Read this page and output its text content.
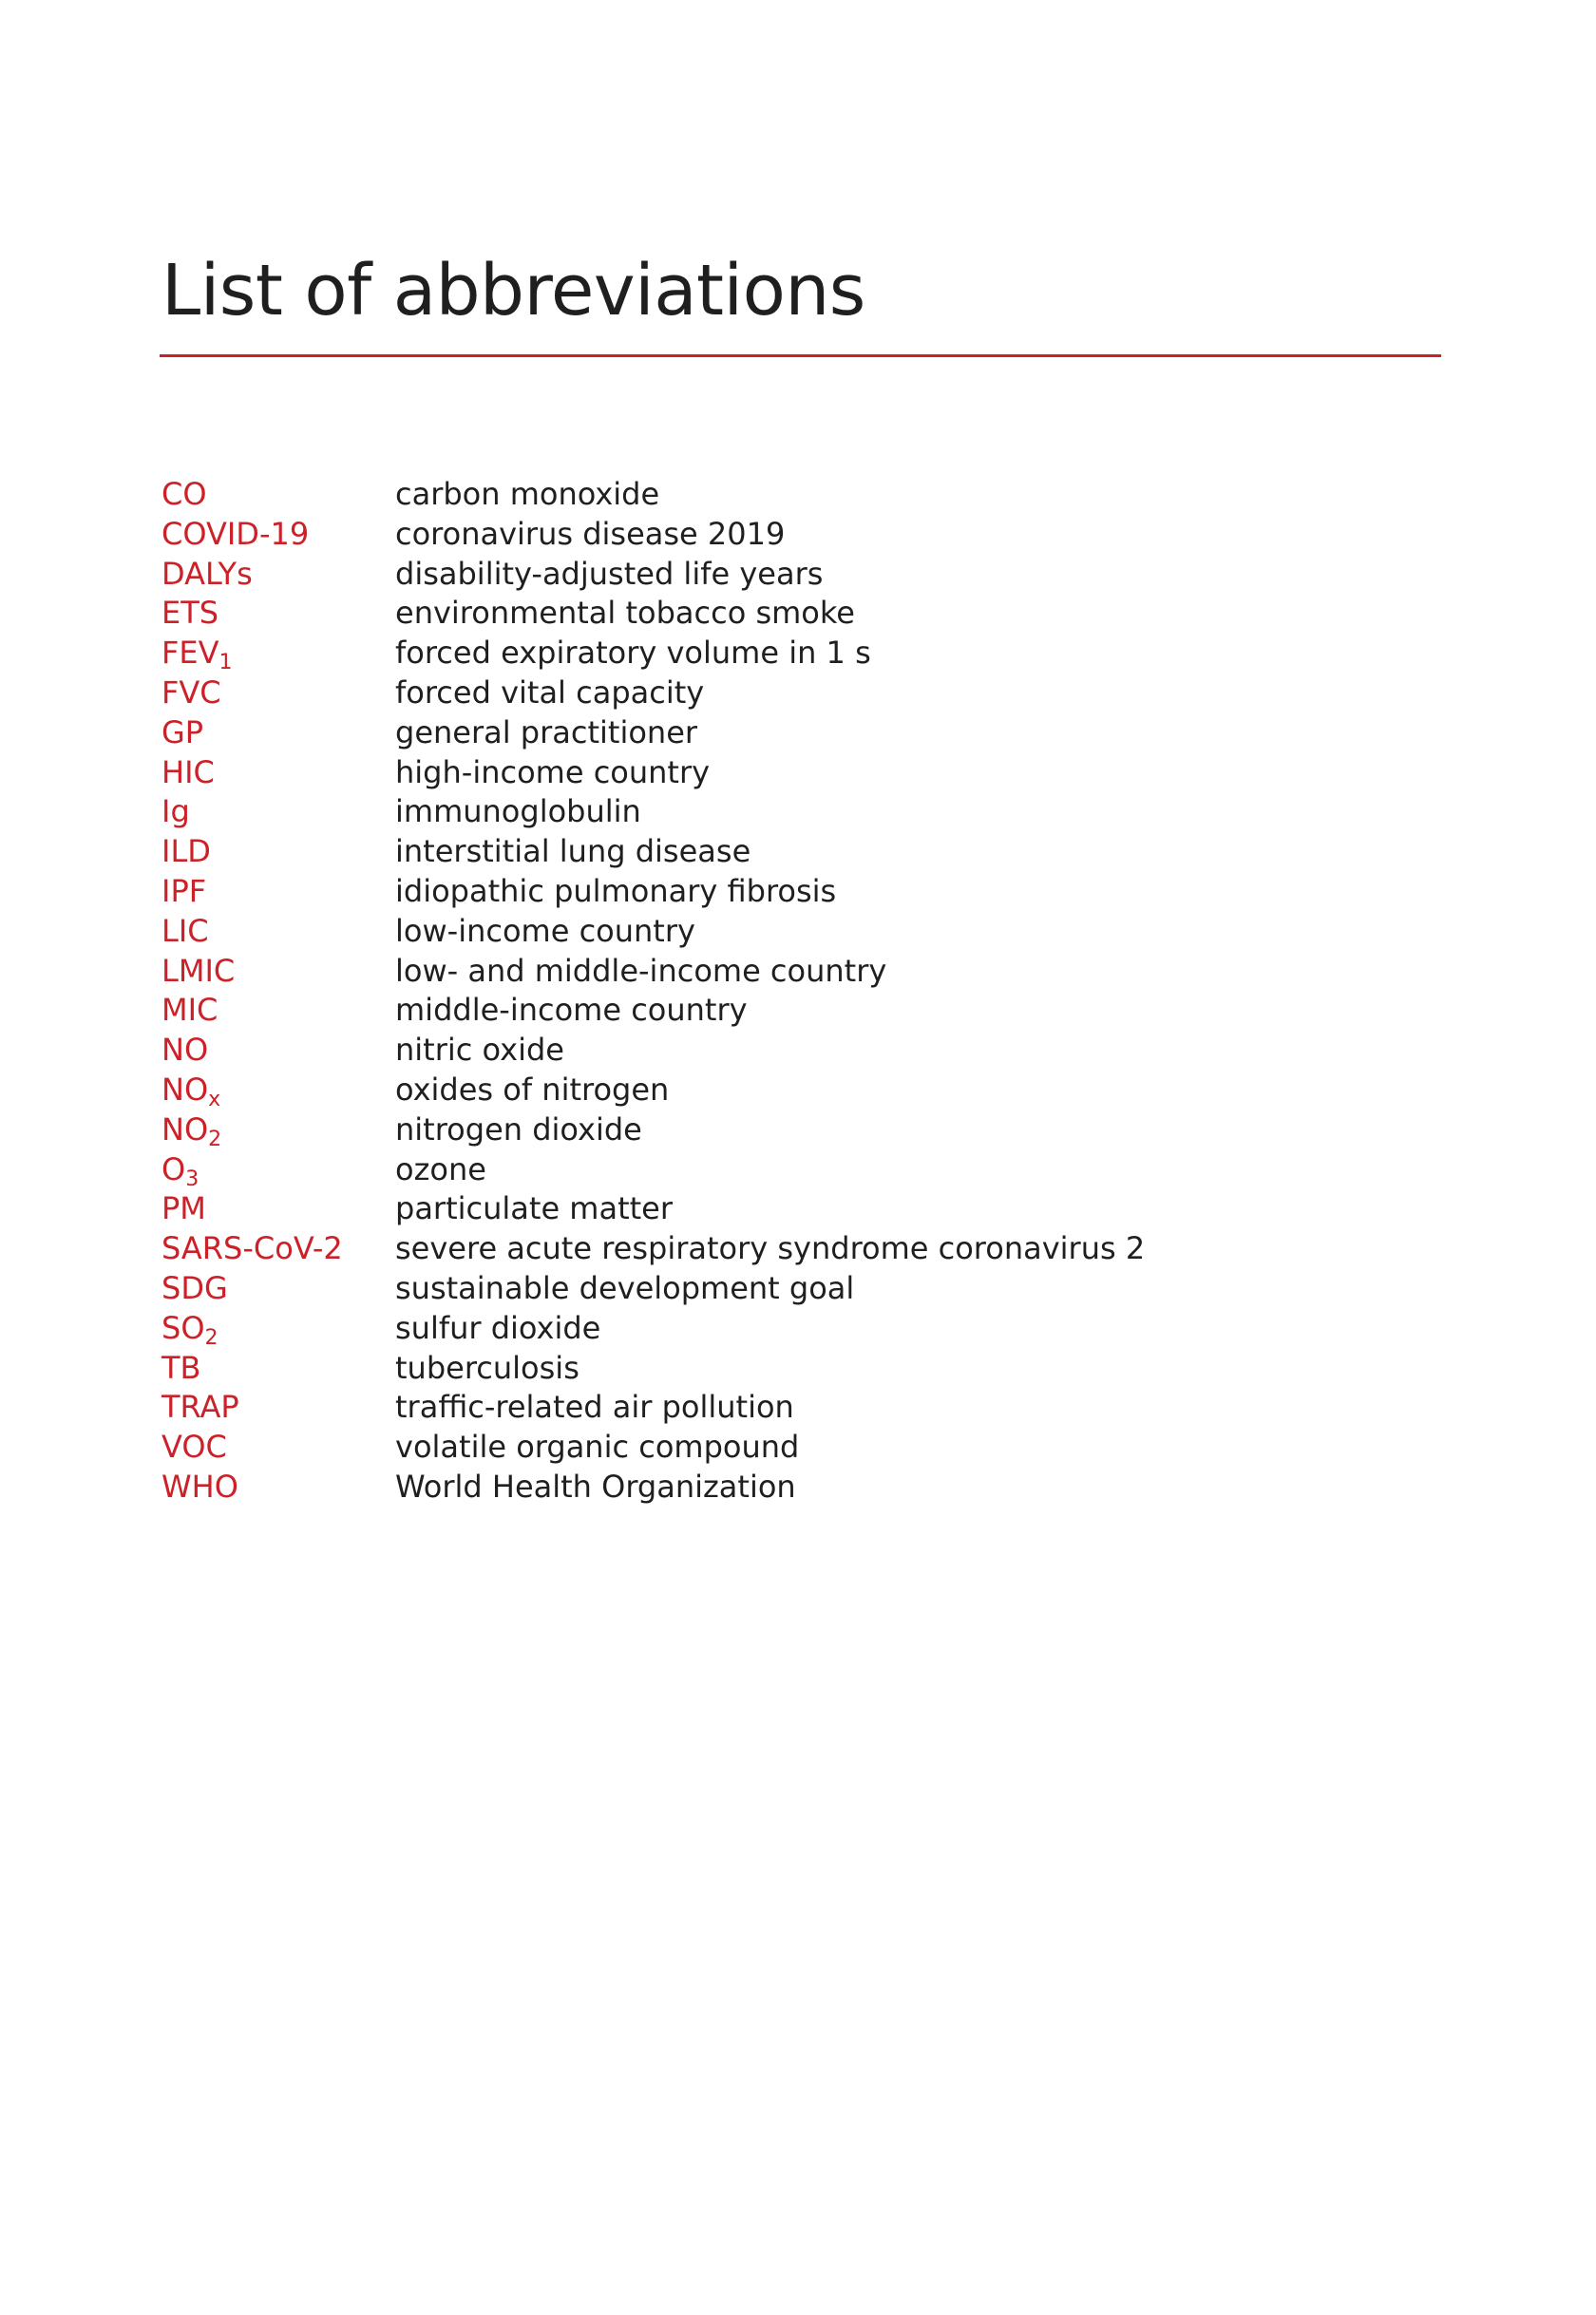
List of abbreviations
CO	carbon monoxide
COVID-19	coronavirus disease 2019
DALYs	disability-adjusted life years
ETS	environmental tobacco smoke
$FEV_1$	forced expiratory volume in 1 s
FVC	forced vital capacity
GP	general practitioner
HIC	high-income country
Ig	immunoglobulin
ILD	interstitial lung disease
IPF	idiopathic pulmonary fibrosis
LIC	low-income country
LMIC	low- and middle-income country
MIC	middle-income country
NO	nitric oxide
$NO_x$	oxides of nitrogen
$NO_2$	nitrogen dioxide
$O_3$	ozone
PM	particulate matter
SARS-CoV-2	severe acute respiratory syndrome coronavirus 2
SDG	sustainable development goal
$SO_2$	sulfur dioxide
TB	tuberculosis
TRAP	traffic-related air pollution
VOC	volatile organic compound
WHO	World Health Organization
